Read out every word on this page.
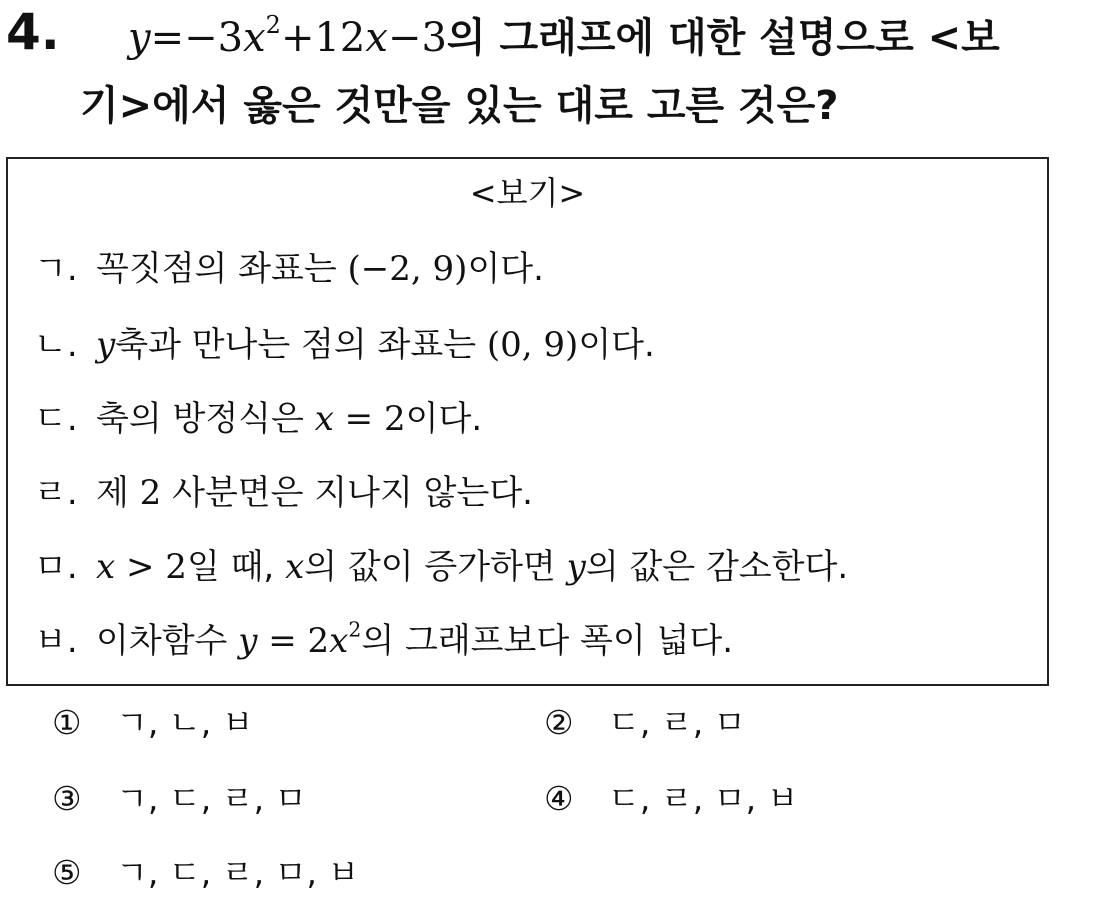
4. $y=-3x^2+12x-3$의 그래프에 대한 설명으로 <보
기>에서 옳은 것만을 있는 대로 고른 것은?
<보기>
ㄱ. 꼭짓점의 좌표는 (−2, 9)이다.
ㄴ. y축과 만나는 점의 좌표는 (0, 9)이다.
ㄷ. 축의 방정식은 x = 2이다.
ㄹ. 제 2 사분면은 지나지 않는다.
ㅁ. x > 2일 때, x의 값이 증가하면 y의 값은 감소한다.
ㅂ. 이차함수 $y = 2x^2$의 그래프보다 폭이 넓다.
① ㄱ, ㄴ, ㅂ	② ㄷ, ㄹ, ㅁ
③ ㄱ, ㄷ, ㄹ, ㅁ	④ ㄷ, ㄹ, ㅁ, ㅂ
⑤ ㄱ, ㄷ, ㄹ, ㅁ, ㅂ
